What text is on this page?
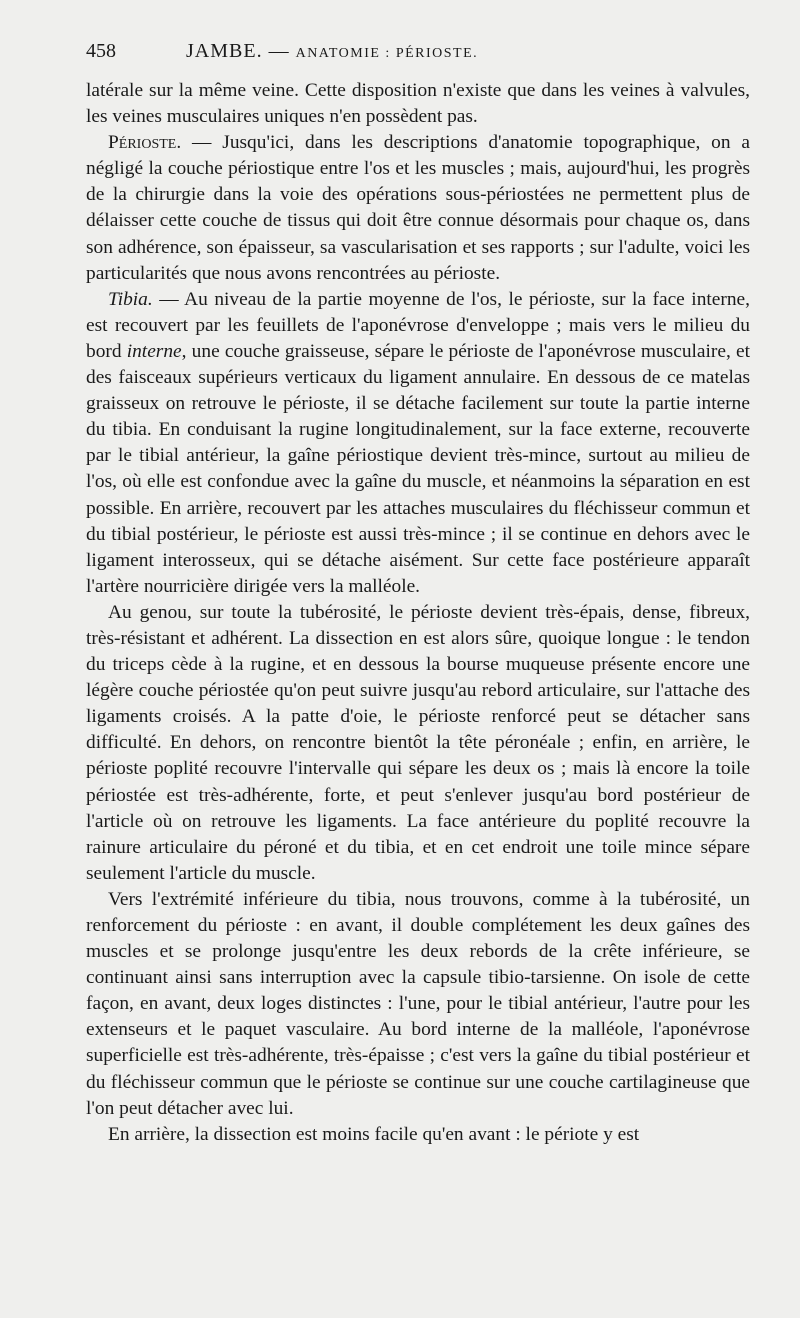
458	JAMBE. — ANATOMIE : PÉRIOSTE.

latérale sur la même veine. Cette disposition n'existe que dans les veines à valvules, les veines musculaires uniques n'en possèdent pas.

Périoste. — Jusqu'ici, dans les descriptions d'anatomie topographique, on a négligé la couche périostique entre l'os et les muscles ; mais, aujourd'hui, les progrès de la chirurgie dans la voie des opérations sous-périostées ne permettent plus de délaisser cette couche de tissus qui doit être connue désormais pour chaque os, dans son adhérence, son épaisseur, sa vascularisation et ses rapports ; sur l'adulte, voici les particularités que nous avons rencontrées au périoste.

Tibia. — Au niveau de la partie moyenne de l'os, le périoste, sur la face interne, est recouvert par les feuillets de l'aponévrose d'enveloppe ; mais vers le milieu du bord interne, une couche graisseuse, sépare le périoste de l'aponévrose musculaire, et des faisceaux supérieurs verticaux du ligament annulaire. En dessous de ce matelas graisseux on retrouve le périoste, il se détache facilement sur toute la partie interne du tibia. En conduisant la rugine longitudinalement, sur la face externe, recouverte par le tibial antérieur, la gaîne périostique devient très-mince, surtout au milieu de l'os, où elle est confondue avec la gaîne du muscle, et néanmoins la séparation en est possible. En arrière, recouvert par les attaches musculaires du fléchisseur commun et du tibial postérieur, le périoste est aussi très-mince ; il se continue en dehors avec le ligament interosseux, qui se détache aisément. Sur cette face postérieure apparaît l'artère nourricière dirigée vers la malléole.

Au genou, sur toute la tubérosité, le périoste devient très-épais, dense, fibreux, très-résistant et adhérent. La dissection en est alors sûre, quoique longue : le tendon du triceps cède à la rugine, et en dessous la bourse muqueuse présente encore une légère couche périostée qu'on peut suivre jusqu'au rebord articulaire, sur l'attache des ligaments croisés. A la patte d'oie, le périoste renforcé peut se détacher sans difficulté. En dehors, on rencontre bientôt la tête péronéale ; enfin, en arrière, le périoste poplité recouvre l'intervalle qui sépare les deux os ; mais là encore la toile périostée est très-adhérente, forte, et peut s'enlever jusqu'au bord postérieur de l'article où on retrouve les ligaments. La face antérieure du poplité recouvre la rainure articulaire du péroné et du tibia, et en cet endroit une toile mince sépare seulement l'article du muscle.

Vers l'extrémité inférieure du tibia, nous trouvons, comme à la tubérosité, un renforcement du périoste : en avant, il double complétement les deux gaînes des muscles et se prolonge jusqu'entre les deux rebords de la crête inférieure, se continuant ainsi sans interruption avec la capsule tibio-tarsienne. On isole de cette façon, en avant, deux loges distinctes : l'une, pour le tibial antérieur, l'autre pour les extenseurs et le paquet vasculaire. Au bord interne de la malléole, l'aponévrose superficielle est très-adhérente, très-épaisse ; c'est vers la gaîne du tibial postérieur et du fléchisseur commun que le périoste se continue sur une couche cartilagineuse que l'on peut détacher avec lui.

En arrière, la dissection est moins facile qu'en avant : le périote y est
